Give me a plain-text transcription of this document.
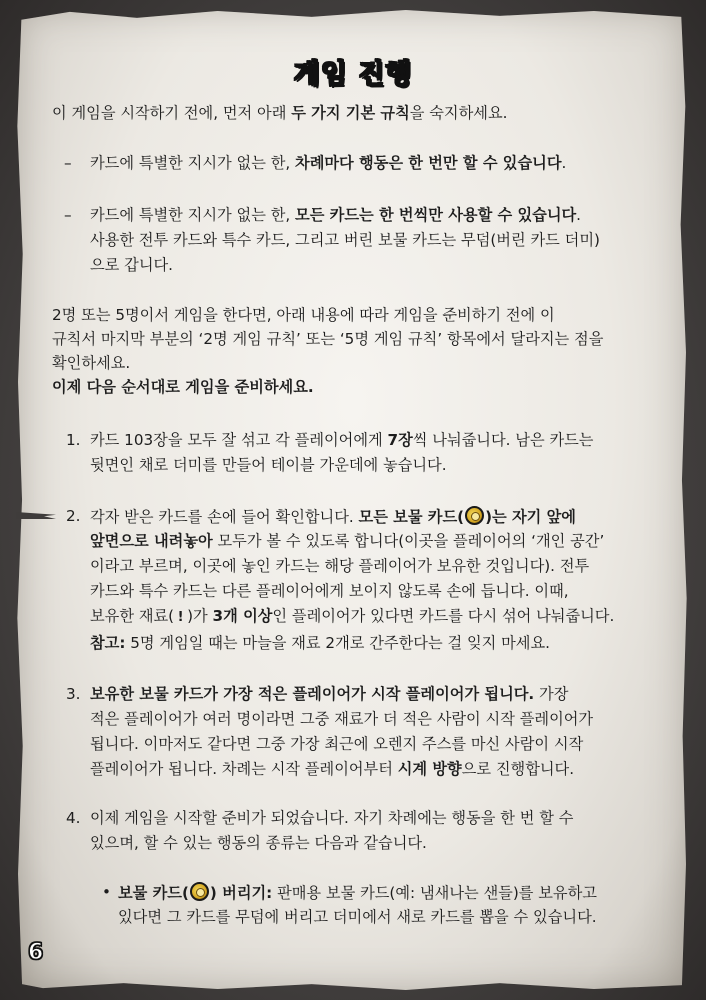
게임 진행
이 게임을 시작하기 전에, 먼저 아래 두 가지 기본 규칙을 숙지하세요.
– 카드에 특별한 지시가 없는 한, 차례마다 행동은 한 번만 할 수 있습니다.
– 카드에 특별한 지시가 없는 한, 모든 카드는 한 번씩만 사용할 수 있습니다.
사용한 전투 카드와 특수 카드, 그리고 버린 보물 카드는 무덤(버린 카드 더미)
으로 갑니다.
2명 또는 5명이서 게임을 한다면, 아래 내용에 따라 게임을 준비하기 전에 이
규칙서 마지막 부분의 ‘2명 게임 규칙’ 또는 ‘5명 게임 규칙’ 항목에서 달라지는 점을
확인하세요.
이제 다음 순서대로 게임을 준비하세요.
1. 카드 103장을 모두 잘 섞고 각 플레이어에게 7장씩 나눠줍니다. 남은 카드는
뒷면인 채로 더미를 만들어 테이블 가운데에 놓습니다.
2. 각자 받은 카드를 손에 들어 확인합니다. 모든 보물 카드( )는 자기 앞에
앞면으로 내려놓아 모두가 볼 수 있도록 합니다(이곳을 플레이어의 ‘개인 공간’
이라고 부르며, 이곳에 놓인 카드는 해당 플레이어가 보유한 것입니다). 전투
카드와 특수 카드는 다른 플레이어에게 보이지 않도록 손에 듭니다. 이때,
보유한 재료( ! )가 3개 이상인 플레이어가 있다면 카드를 다시 섞어 나눠줍니다.
참고: 5명 게임일 때는 마늘을 재료 2개로 간주한다는 걸 잊지 마세요.
3. 보유한 보물 카드가 가장 적은 플레이어가 시작 플레이어가 됩니다. 가장
적은 플레이어가 여러 명이라면 그중 재료가 더 적은 사람이 시작 플레이어가
됩니다. 이마저도 같다면 그중 가장 최근에 오렌지 주스를 마신 사람이 시작
플레이어가 됩니다. 차례는 시작 플레이어부터 시계 방향으로 진행합니다.
4. 이제 게임을 시작할 준비가 되었습니다. 자기 차례에는 행동을 한 번 할 수
있으며, 할 수 있는 행동의 종류는 다음과 같습니다.
• 보물 카드( ) 버리기: 판매용 보물 카드(예: 냄새나는 샌들)를 보유하고
있다면 그 카드를 무덤에 버리고 더미에서 새로 카드를 뽑을 수 있습니다.
6
